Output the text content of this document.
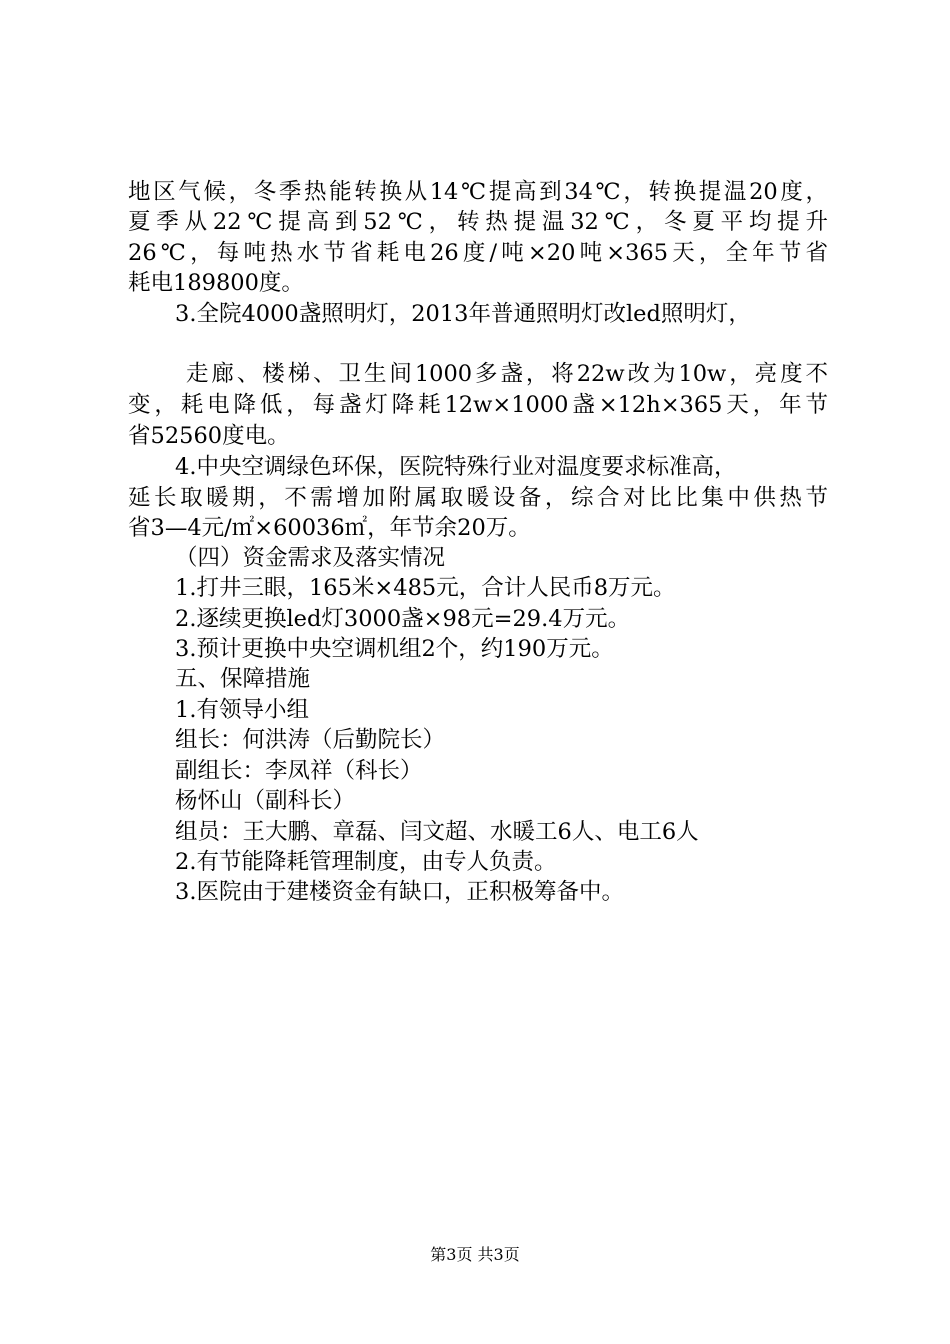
地区气候，冬季热能转换从14℃提高到34℃，转换提温20度，

夏季从22℃提高到52℃，转热提温32℃，冬夏平均提升

26℃，每吨热水节省耗电26度/吨×20吨×365天，全年节省

耗电189800度。

3.全院4000盏照明灯，2013年普通照明灯改led照明灯，

走廊、楼梯、卫生间1000多盏，将22w改为10w，亮度不

变，耗电降低，每盏灯降耗12w×1000盏×12h×365天，年节

省52560度电。

4.中央空调绿色环保，医院特殊行业对温度要求标准高，

延长取暖期，不需增加附属取暖设备，综合对比比集中供热节

省3—4元/㎡×60036㎡，年节余20万。

（四）资金需求及落实情况

1.打井三眼，165米×485元，合计人民币8万元。

2.逐续更换led灯3000盏×98元=29.4万元。

3.预计更换中央空调机组2个，约190万元。

五、保障措施

1.有领导小组

组长：何洪涛（后勤院长）

副组长：李凤祥（科长）

杨怀山（副科长）

组员：王大鹏、章磊、闫文超、水暖工6人、电工6人

2.有节能降耗管理制度，由专人负责。

3.医院由于建楼资金有缺口，正积极筹备中。

第3页 共3页
